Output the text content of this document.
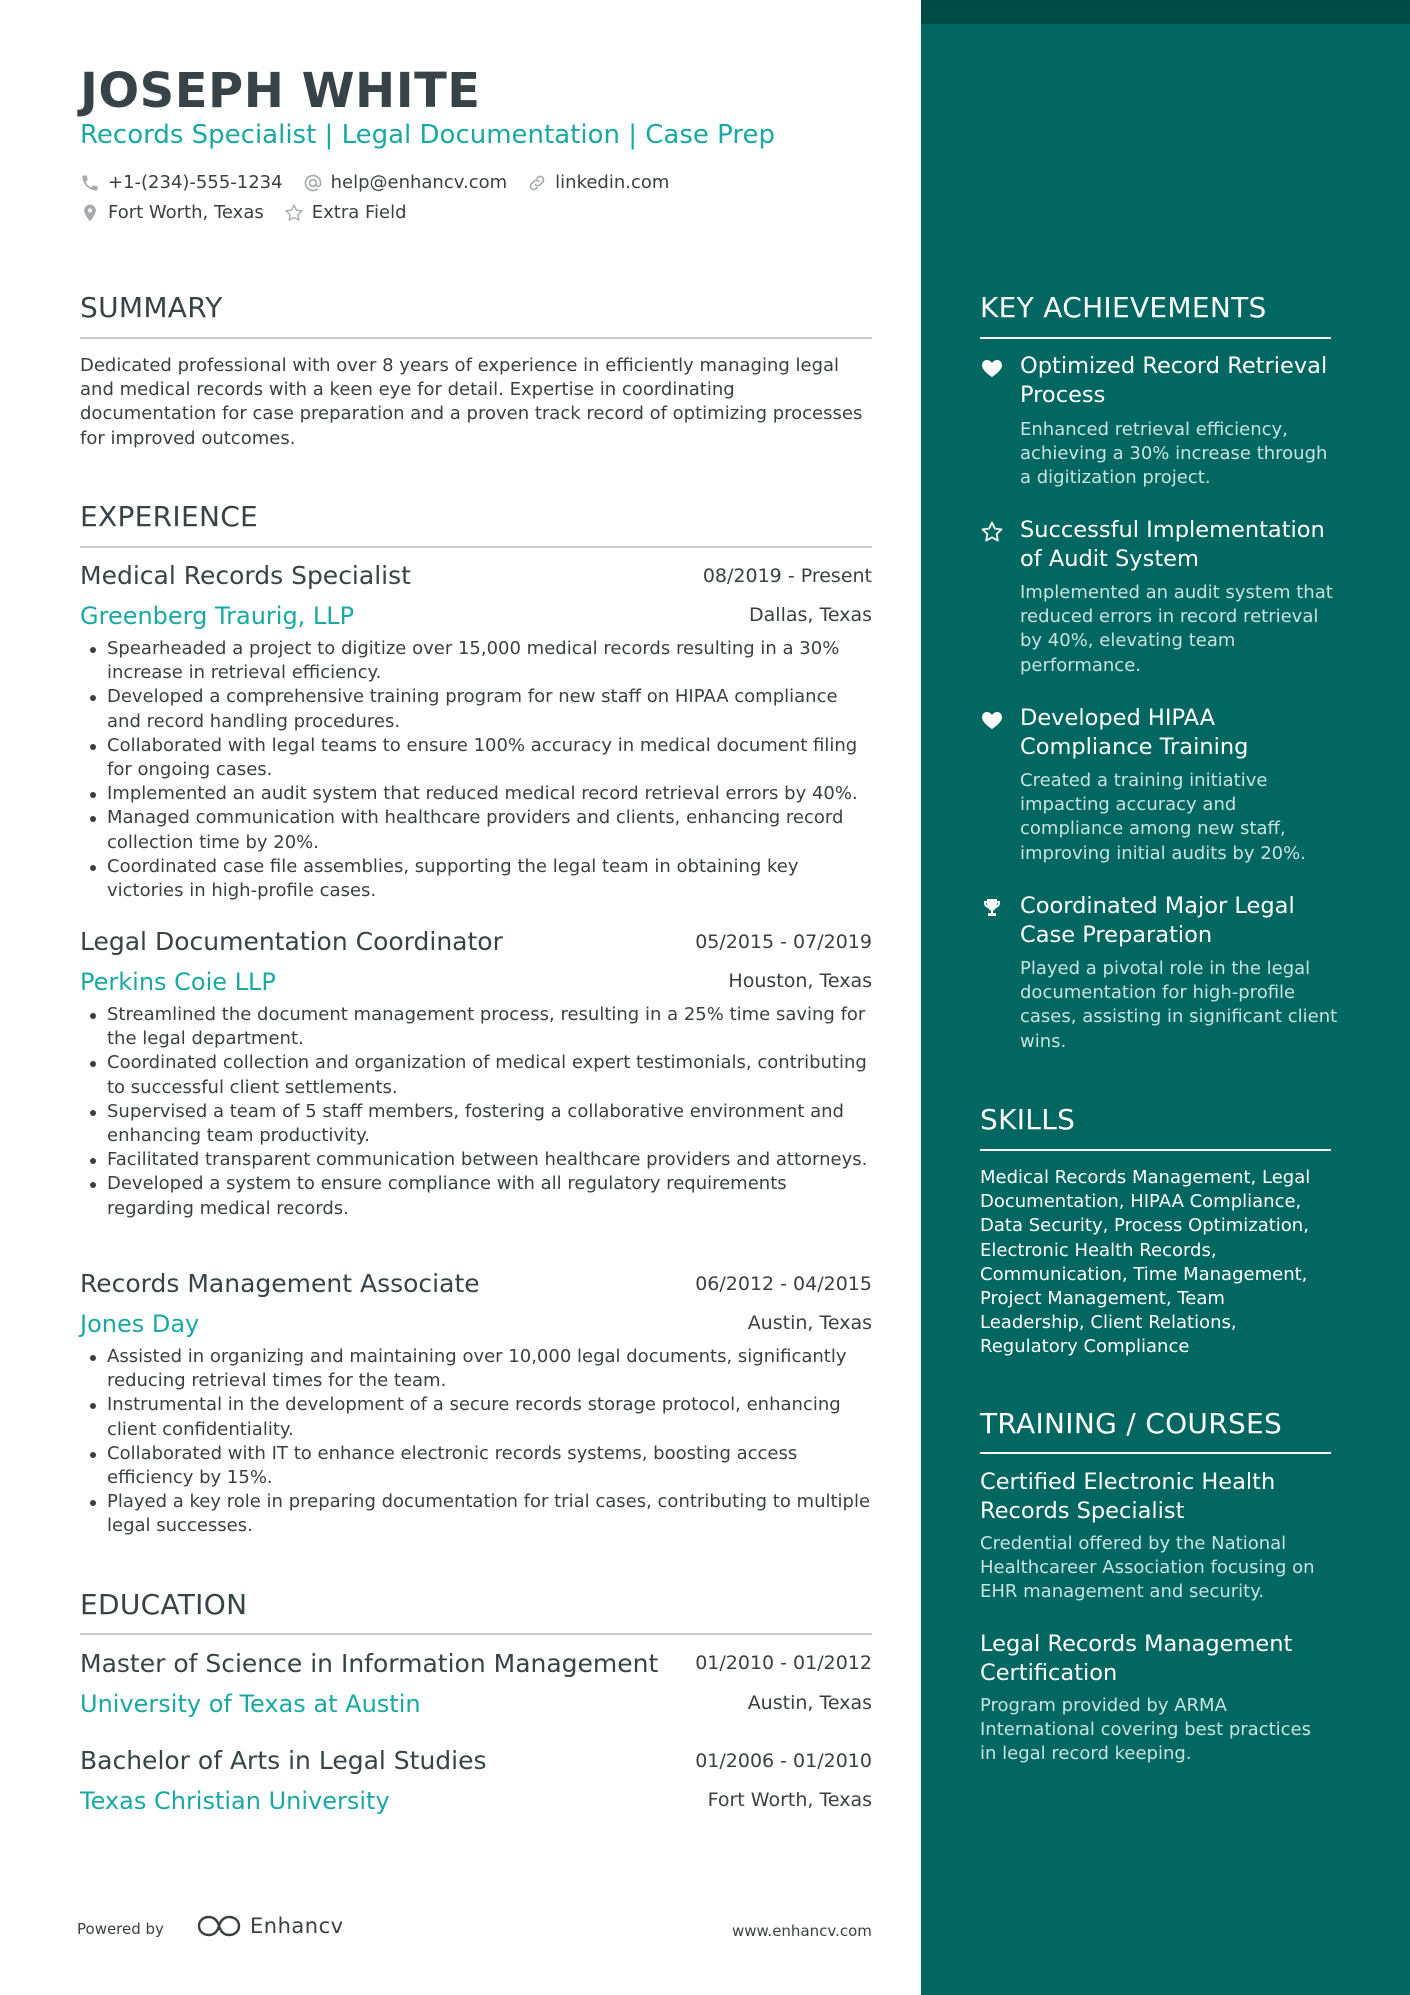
JOSEPH WHITE
Records Specialist | Legal Documentation | Case Prep
+1-(234)-555-1234	help@enhancv.com	linkedin.com
Fort Worth, Texas	Extra Field
SUMMARY
Dedicated professional with over 8 years of experience in efficiently managing legal and medical records with a keen eye for detail. Expertise in coordinating documentation for case preparation and a proven track record of optimizing processes for improved outcomes.
EXPERIENCE
Medical Records Specialist	08/2019 - Present
Greenberg Traurig, LLP	Dallas, Texas
Spearheaded a project to digitize over 15,000 medical records resulting in a 30% increase in retrieval efficiency.
Developed a comprehensive training program for new staff on HIPAA compliance and record handling procedures.
Collaborated with legal teams to ensure 100% accuracy in medical document filing for ongoing cases.
Implemented an audit system that reduced medical record retrieval errors by 40%.
Managed communication with healthcare providers and clients, enhancing record collection time by 20%.
Coordinated case file assemblies, supporting the legal team in obtaining key victories in high-profile cases.
Legal Documentation Coordinator	05/2015 - 07/2019
Perkins Coie LLP	Houston, Texas
Streamlined the document management process, resulting in a 25% time saving for the legal department.
Coordinated collection and organization of medical expert testimonials, contributing to successful client settlements.
Supervised a team of 5 staff members, fostering a collaborative environment and enhancing team productivity.
Facilitated transparent communication between healthcare providers and attorneys.
Developed a system to ensure compliance with all regulatory requirements regarding medical records.
Records Management Associate	06/2012 - 04/2015
Jones Day	Austin, Texas
Assisted in organizing and maintaining over 10,000 legal documents, significantly reducing retrieval times for the team.
Instrumental in the development of a secure records storage protocol, enhancing client confidentiality.
Collaborated with IT to enhance electronic records systems, boosting access efficiency by 15%.
Played a key role in preparing documentation for trial cases, contributing to multiple legal successes.
EDUCATION
Master of Science in Information Management 01/2010 - 01/2012
University of Texas at Austin	Austin, Texas
Bachelor of Arts in Legal Studies	01/2006 - 01/2010
Texas Christian University	Fort Worth, Texas
KEY ACHIEVEMENTS
Optimized Record Retrieval Process
Enhanced retrieval efficiency, achieving a 30% increase through a digitization project.
Successful Implementation of Audit System
Implemented an audit system that reduced errors in record retrieval by 40%, elevating team performance.
Developed HIPAA Compliance Training
Created a training initiative impacting accuracy and compliance among new staff, improving initial audits by 20%.
Coordinated Major Legal Case Preparation
Played a pivotal role in the legal documentation for high-profile cases, assisting in significant client wins.
SKILLS
Medical Records Management, Legal Documentation, HIPAA Compliance, Data Security, Process Optimization, Electronic Health Records, Communication, Time Management, Project Management, Team Leadership, Client Relations, Regulatory Compliance
TRAINING / COURSES
Certified Electronic Health Records Specialist
Credential offered by the National Healthcareer Association focusing on EHR management and security.
Legal Records Management Certification
Program provided by ARMA International covering best practices in legal record keeping.
Powered by	Enhancv	www.enhancv.com
